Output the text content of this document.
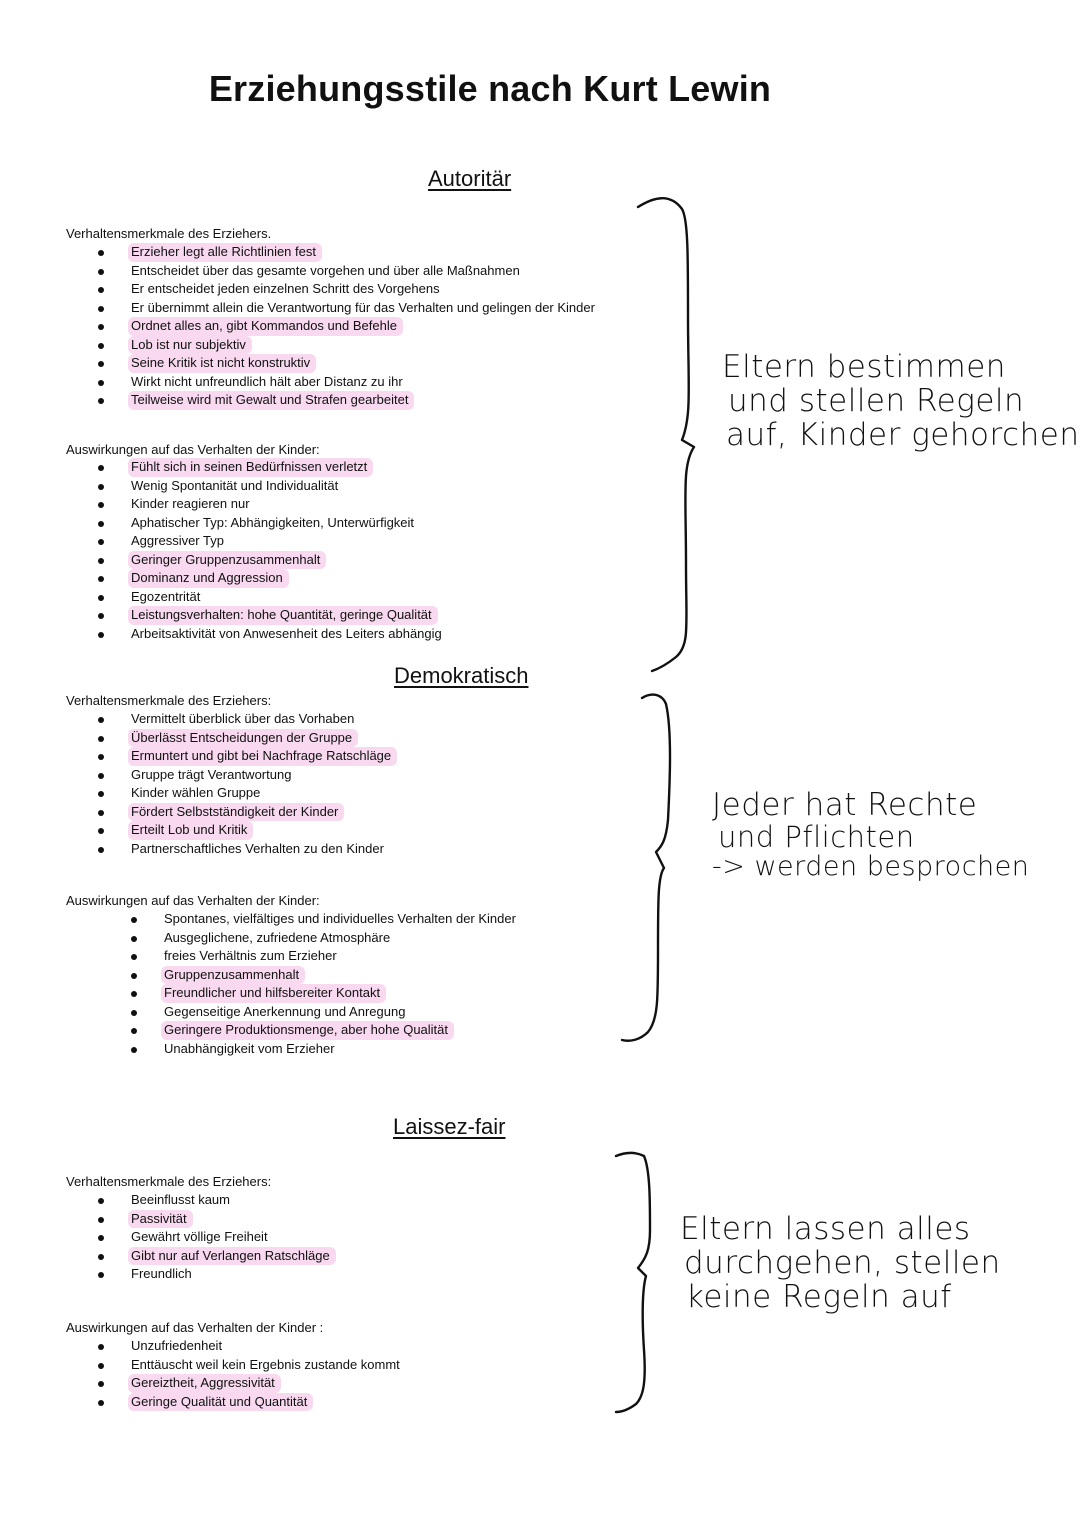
Erziehungsstile nach Kurt Lewin
Autoritär
Verhaltensmerkmale des Erziehers.
Erzieher legt alle Richtlinien fest
Entscheidet über das gesamte vorgehen und über alle Maßnahmen
Er entscheidet jeden einzelnen Schritt des Vorgehens
Er übernimmt allein die Verantwortung für das Verhalten und gelingen der Kinder
Ordnet alles an, gibt Kommandos und Befehle
Lob ist nur subjektiv
Seine Kritik ist nicht konstruktiv
Wirkt nicht unfreundlich hält aber Distanz zu ihr
Teilweise wird mit Gewalt und Strafen gearbeitet
Auswirkungen auf das Verhalten der Kinder:
Fühlt sich in seinen Bedürfnissen verletzt
Wenig Spontanität und Individualität
Kinder reagieren nur
Aphatischer Typ: Abhängigkeiten, Unterwürfigkeit
Aggressiver Typ
Geringer Gruppenzusammenhalt
Dominanz und Aggression
Egozentrität
Leistungsverhalten: hohe Quantität, geringe Qualität
Arbeitsaktivität von Anwesenheit des Leiters abhängig
Eltern bestimmen
und stellen Regeln
auf, Kinder gehorchen
Demokratisch
Verhaltensmerkmale des Erziehers:
Vermittelt überblick über das Vorhaben
Überlässt Entscheidungen der Gruppe
Ermuntert und gibt bei Nachfrage Ratschläge
Gruppe trägt Verantwortung
Kinder wählen Gruppe
Fördert Selbstständigkeit der Kinder
Erteilt Lob und Kritik
Partnerschaftliches Verhalten zu den Kinder
Auswirkungen auf das Verhalten der Kinder:
Spontanes, vielfältiges und individuelles Verhalten der Kinder
Ausgeglichene, zufriedene Atmosphäre
freies Verhältnis zum Erzieher
Gruppenzusammenhalt
Freundlicher und hilfsbereiter Kontakt
Gegenseitige Anerkennung und Anregung
Geringere Produktionsmenge, aber hohe Qualität
Unabhängigkeit vom Erzieher
Jeder hat Rechte
und Pflichten
-> werden besprochen
Laissez-fair
Verhaltensmerkmale des Erziehers:
Beeinflusst kaum
Passivität
Gewährt völlige Freiheit
Gibt nur auf Verlangen Ratschläge
Freundlich
Auswirkungen auf das Verhalten der Kinder :
Unzufriedenheit
Enttäuscht weil kein Ergebnis zustande kommt
Gereiztheit, Aggressivität
Geringe Qualität und Quantität
Eltern lassen alles
durchgehen, stellen
keine Regeln auf
